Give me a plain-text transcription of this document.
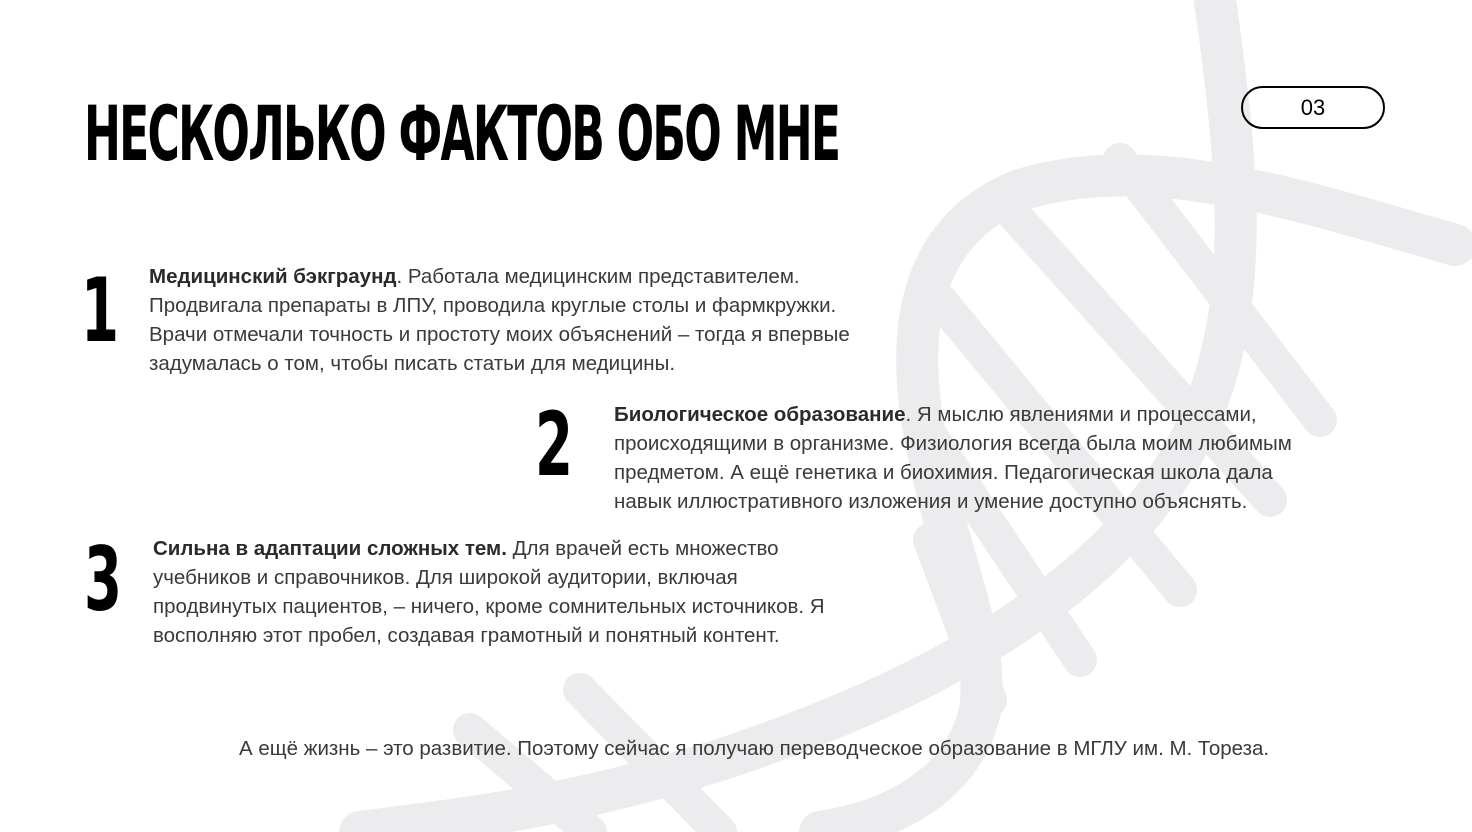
НЕСКОЛЬКО ФАКТОВ ОБО МНЕ	03
1 Медицинский бэкграунд. Работала медицинским представителем.
Продвигала препараты в ЛПУ, проводила круглые столы и фармкружки.
Врачи отмечали точность и простоту моих объяснений – тогда я впервые
задумалась о том, чтобы писать статьи для медицины.

2 Биологическое образование. Я мыслю явлениями и процессами,
происходящими в организме. Физиология всегда была моим любимым
предметом. А ещё генетика и биохимия. Педагогическая школа дала
навык иллюстративного изложения и умение доступно объяснять.

3 Сильна в адаптации сложных тем. Для врачей есть множество
учебников и справочников. Для широкой аудитории, включая
продвинутых пациентов, – ничего, кроме сомнительных источников. Я
восполняю этот пробел, создавая грамотный и понятный контент.

А ещё жизнь – это развитие. Поэтому сейчас я получаю переводческое образование в МГЛУ им. М. Тореза.
